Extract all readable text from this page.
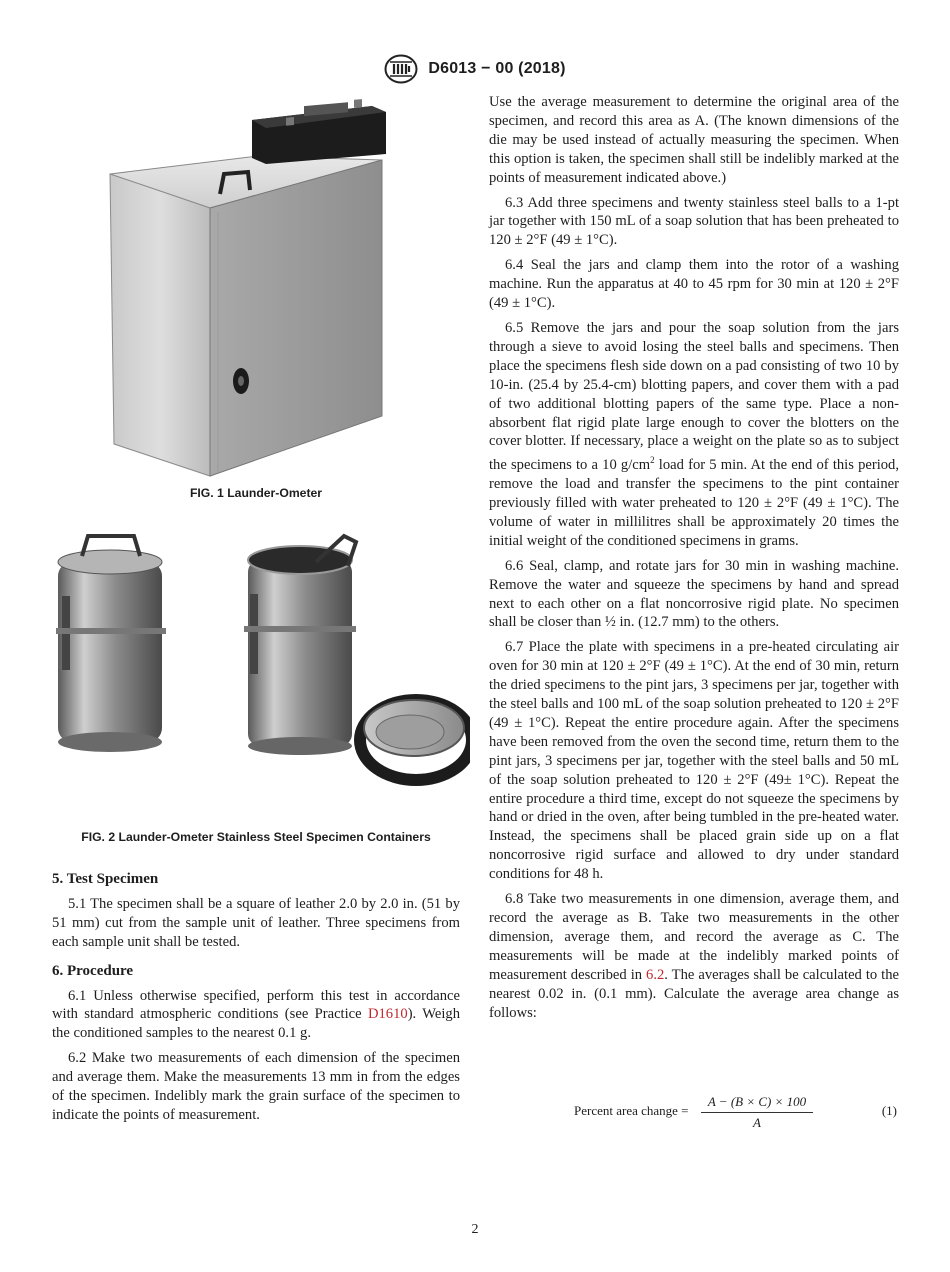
D6013 − 00 (2018)
FIG. 1 Launder-Ometer
FIG. 2 Launder-Ometer Stainless Steel Specimen Containers
5. Test Specimen

5.1 The specimen shall be a square of leather 2.0 by 2.0 in. (51 by 51 mm) cut from the sample unit of leather. Three specimens from each sample unit shall be tested.

6. Procedure

6.1 Unless otherwise specified, perform this test in accordance with standard atmospheric conditions (see Practice D1610). Weigh the conditioned samples to the nearest 0.1 g.

6.2 Make two measurements of each dimension of the specimen and average them. Make the measurements 13 mm in from the edges of the specimen. Indelibly mark the grain surface of the specimen to indicate the points of measurement.

Use the average measurement to determine the original area of the specimen, and record this area as A. (The known dimensions of the die may be used instead of actually measuring the specimen. When this option is taken, the specimen shall still be indelibly marked at the points of measurement indicated above.)

6.3 Add three specimens and twenty stainless steel balls to a 1-pt jar together with 150 mL of a soap solution that has been preheated to 120 ± 2°F (49 ± 1°C).

6.4 Seal the jars and clamp them into the rotor of a washing machine. Run the apparatus at 40 to 45 rpm for 30 min at 120 ± 2°F (49 ± 1°C).

6.5 Remove the jars and pour the soap solution from the jars through a sieve to avoid losing the steel balls and specimens. Then place the specimens flesh side down on a pad consisting of two 10 by 10-in. (25.4 by 25.4-cm) blotting papers, and cover them with a pad of two additional blotting papers of the same type. Place a non-absorbent flat rigid plate large enough to cover the blotters on the cover blotter. If necessary, place a weight on the plate so as to subject the specimens to a 10 $g/cm^2$ load for 5 min. At the end of this period, remove the load and transfer the specimens to the pint container previously filled with water preheated to 120 ± 2°F (49 ± 1°C). The volume of water in millilitres shall be approximately 20 times the initial weight of the conditioned specimens in grams.

6.6 Seal, clamp, and rotate jars for 30 min in washing machine. Remove the water and squeeze the specimens by hand and spread next to each other on a flat noncorrosive rigid plate. No specimen shall be closer than ½ in. (12.7 mm) to the others.

6.7 Place the plate with specimens in a pre-heated circulating air oven for 30 min at 120 ± 2°F (49 ± 1°C). At the end of 30 min, return the dried specimens to the pint jars, 3 specimens per jar, together with the steel balls and 100 mL of the soap solution preheated to 120 ± 2°F (49 ± 1°C). Repeat the entire procedure again. After the specimens have been removed from the oven the second time, return them to the pint jars, 3 specimens per jar, together with the steel balls and 50 mL of the soap solution preheated to 120 ± 2°F (49± 1°C). Repeat the entire procedure a third time, except do not squeeze the specimens by hand or dried in the oven, after being tumbled in the pre-heated water. Instead, the specimens shall be placed grain side up on a flat noncorrosive rigid surface and allowed to dry under standard conditions for 48 h.

6.8 Take two measurements in one dimension, average them, and record the average as B. Take two measurements in the other dimension, average them, and record the average as C. The measurements will be made at the indelibly marked points of measurement described in 6.2. The averages shall be calculated to the nearest 0.02 in. (0.1 mm). Calculate the average area change as follows:

Percent area change = $\frac{A - (B \times C) \times 100}{A}$	(1)
2
